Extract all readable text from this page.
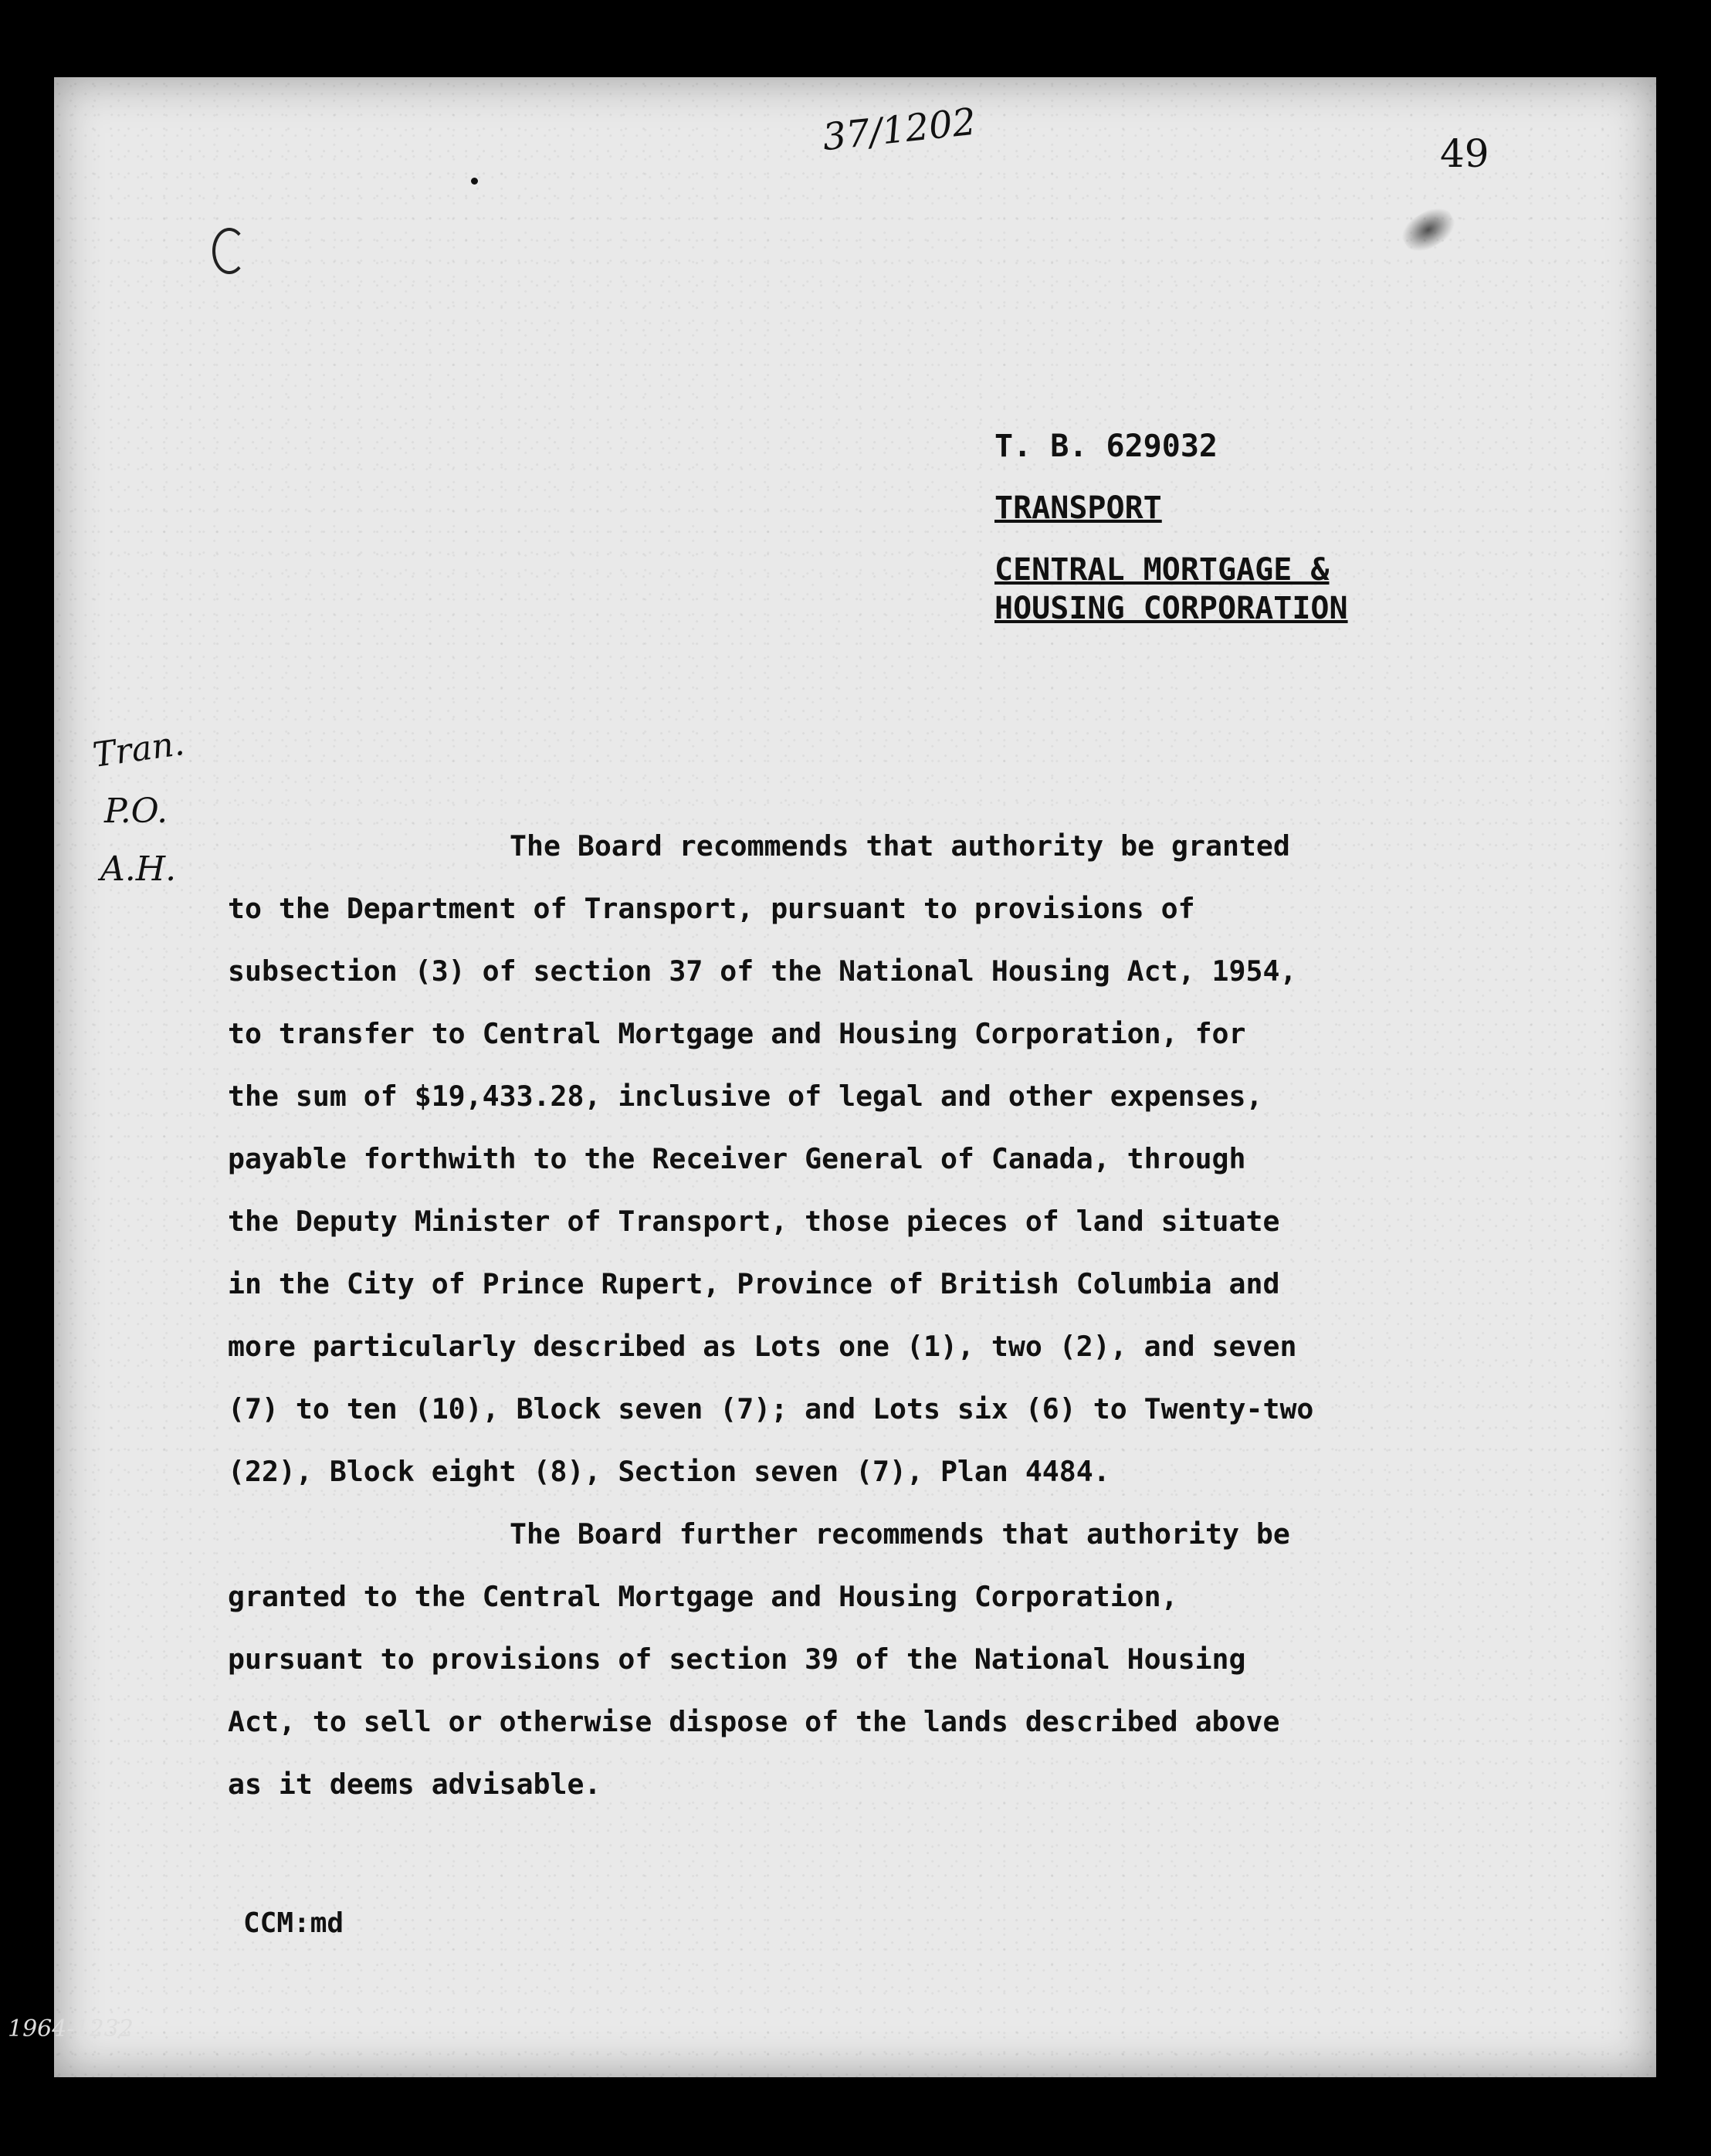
37/1202	49
T. B. 629032
TRANSPORT
CENTRAL MORTGAGE &
HOUSING CORPORATION
Tran.
P.O.
A.H.

The Board recommends that authority be granted
to the Department of Transport, pursuant to provisions of
subsection (3) of section 37 of the National Housing Act, 1954,
to transfer to Central Mortgage and Housing Corporation, for
the sum of $19,433.28, inclusive of legal and other expenses,
payable forthwith to the Receiver General of Canada, through
the Deputy Minister of Transport, those pieces of land situate
in the City of Prince Rupert, Province of British Columbia and
more particularly described as Lots one (1), two (2), and seven
(7) to ten (10), Block seven (7); and Lots six (6) to Twenty-two
(22), Block eight (8), Section seven (7), Plan 4484.

The Board further recommends that authority be
granted to the Central Mortgage and Housing Corporation,
pursuant to provisions of section 39 of the National Housing
Act, to sell or otherwise dispose of the lands described above
as it deems advisable.

CCM:md
1964-1232
